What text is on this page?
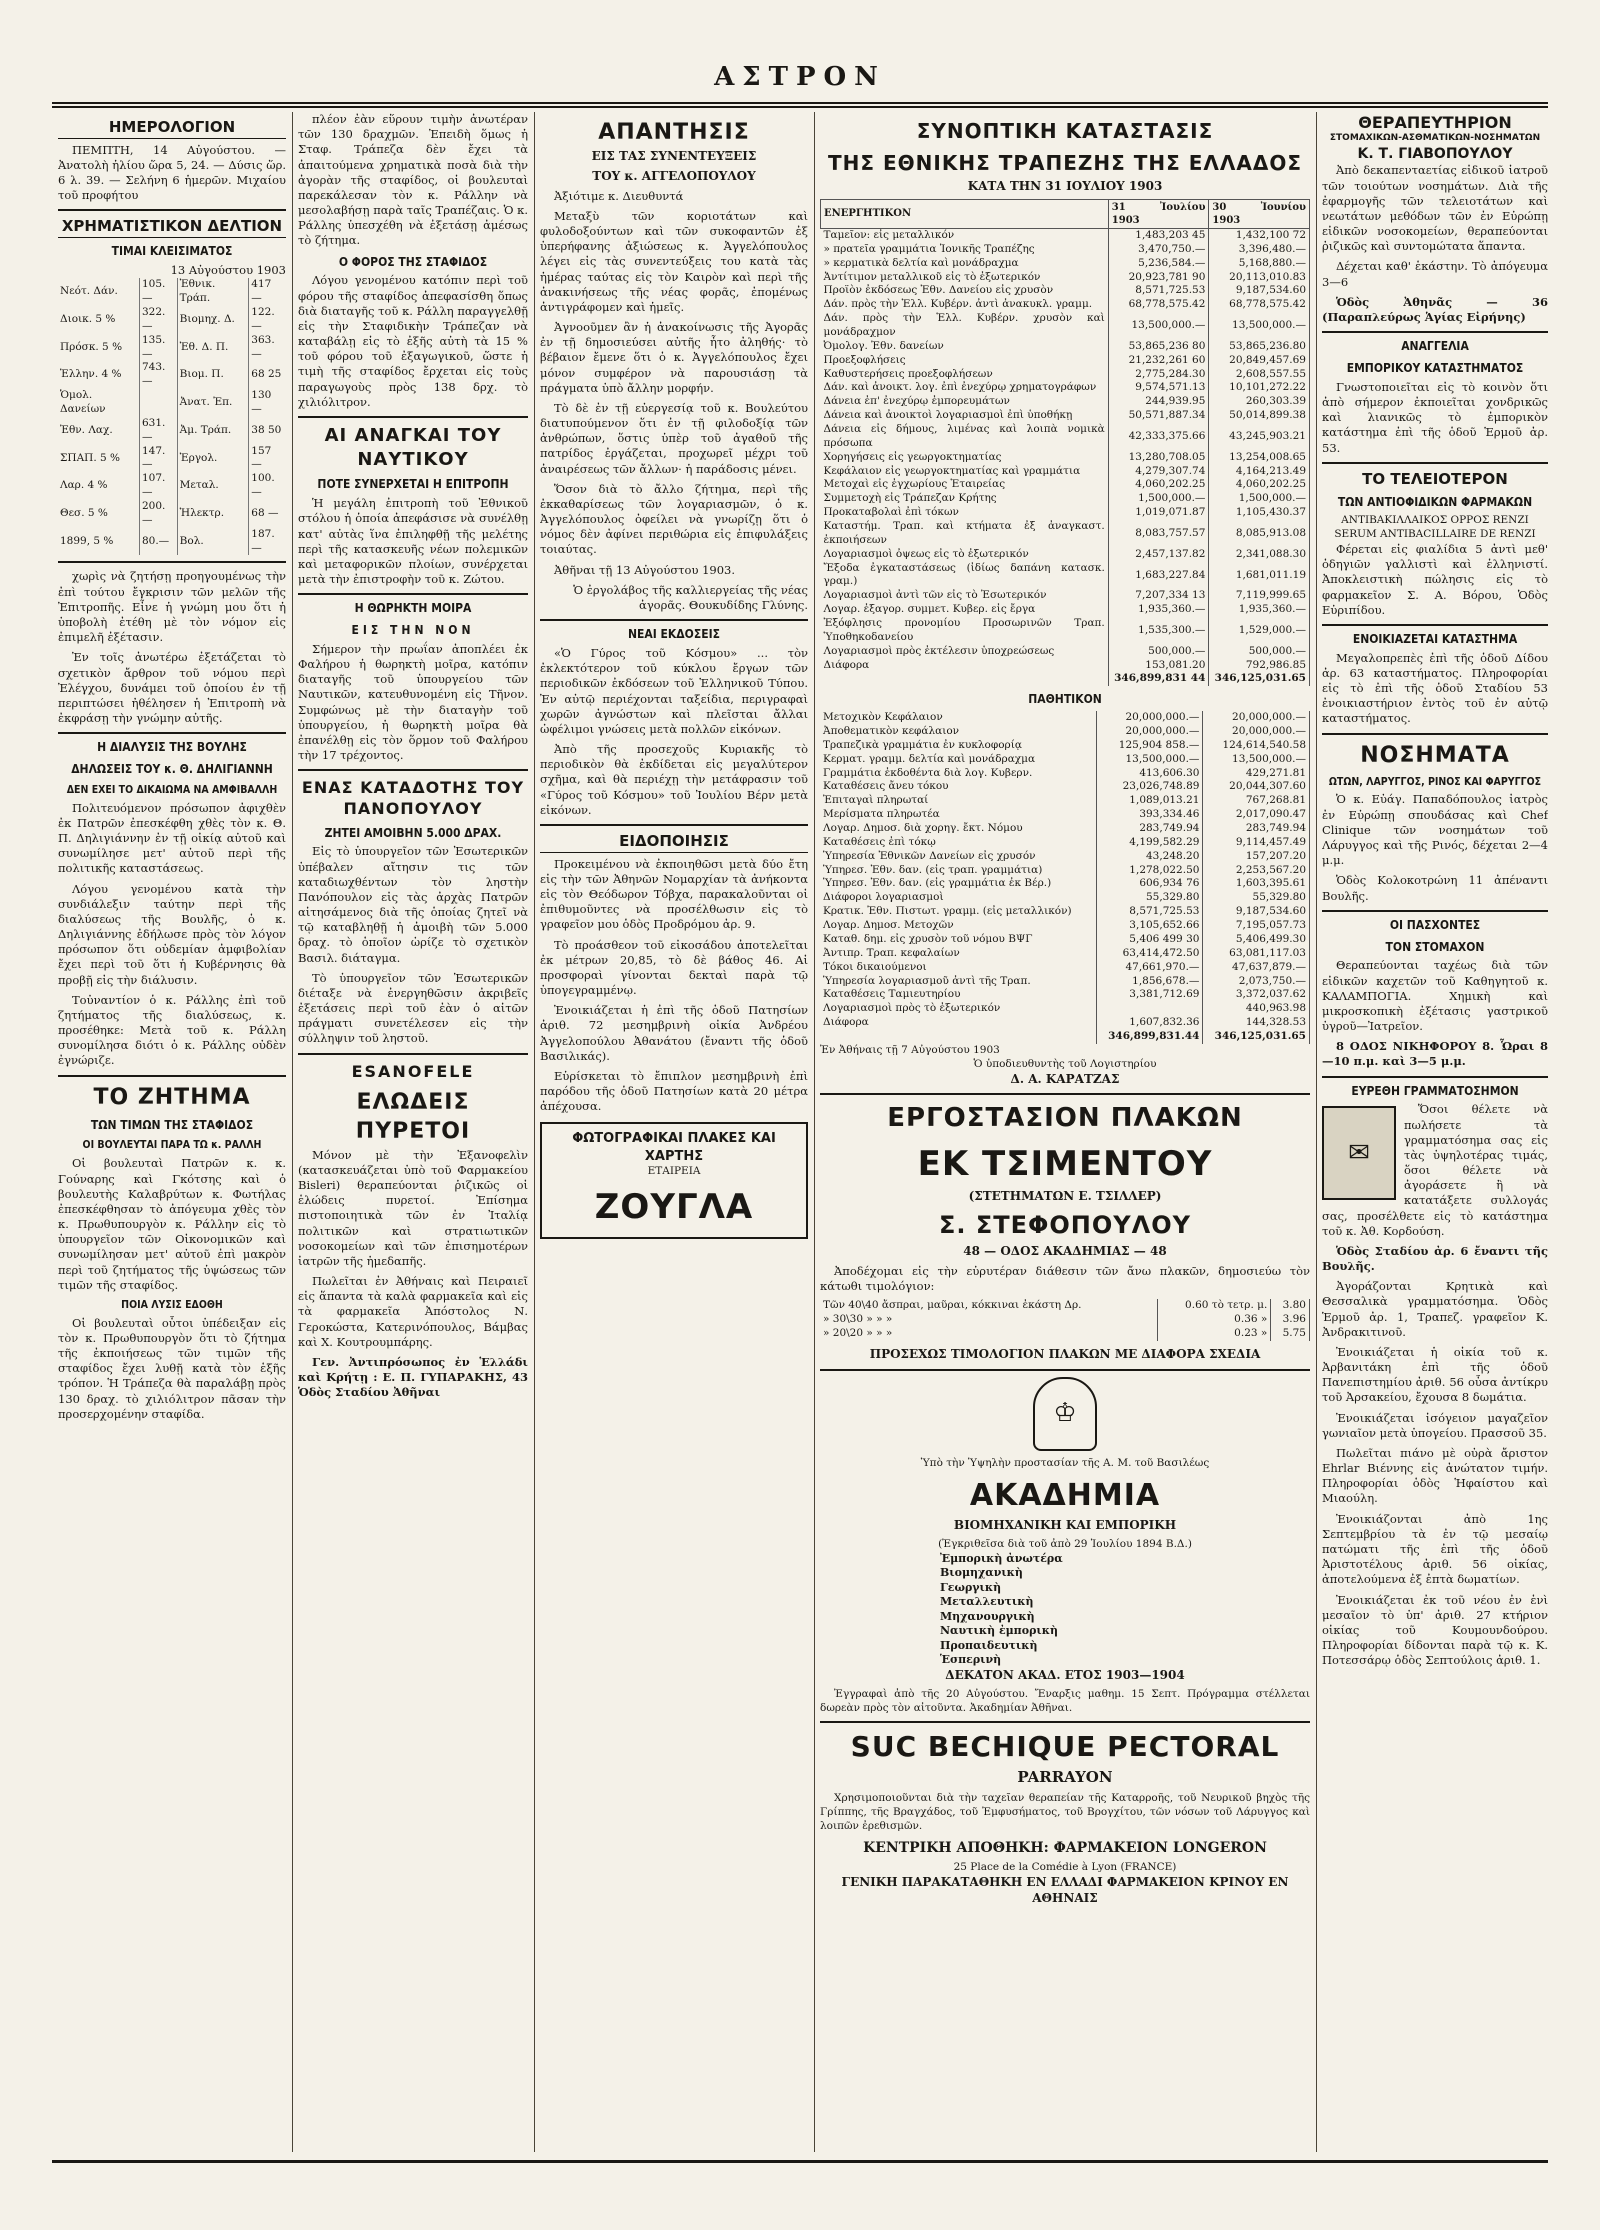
ΑΣΤΡΟΝ
ΗΜΕΡΟΛΟΓΙΟΝ

ΠΕΜΠΤΗ, 14 Αὐγούστου. — Ἀνατολὴ ἡλίου ὥρα 5, 24. — Δύσις ὥρ. 6 λ. 39. — Σελήνη 6 ἡμερῶν. Μιχαίου τοῦ προφήτου

ΧΡΗΜΑΤΙΣΤΙΚΟΝ ΔΕΛΤΙΟΝ
ΤΙΜΑΙ ΚΛΕΙΣΙΜΑΤΟΣ
13 Αὐγούστου 1903
Νεότ. Δάν.	105.—	Ἐθνικ. Τράπ.	417 —
Διοικ. 5 %	322.—	Βιομηχ. Δ.	122.—
Πρόσκ. 5 %	135.—	Ἐθ. Δ. Π.	363.—
Ἑλλην. 4 %	743.—	Βιομ. Π.	68 25
Ὁμολ. Δανείων		Ἀνατ. Ἐπ.	130 —
Ἐθν. Λαχ.	631.—	Ἀμ. Τράπ.	38 50
ΣΠΑΠ. 5 %	147.—	Ἐργολ.	157 —
Λαρ. 4 %	107.—	Μεταλ.	100.—
Θεσ. 5 %	200.—	Ἡλεκτρ.	68 —
1899, 5 %	80.—	Βολ.	187.—

χωρὶς νὰ ζητήσῃ προηγουμένως τὴν ἐπὶ τούτου ἔγκρισιν τῶν μελῶν τῆς Ἐπιτροπῆς. Εἶνε ἡ γνώμη μου ὅτι ἡ ὑποβολὴ ἐτέθη μὲ τὸν νόμον εἰς ἐπιμελῆ ἐξέτασιν.

Ἐν τοῖς ἀνωτέρω ἐξετάζεται τὸ σχετικὸν ἄρθρον τοῦ νόμου περὶ Ἐλέγχου, δυνάμει τοῦ ὁποίου ἐν τῇ περιπτώσει ἠθέλησεν ἡ Ἐπιτροπὴ νὰ ἐκφράσῃ τὴν γνώμην αὐτῆς.

Η ΔΙΑΛΥΣΙΣ ΤΗΣ ΒΟΥΛΗΣ
ΔΗΛΩΣΕΙΣ ΤΟΥ κ. Θ. ΔΗΛΙΓΙΑΝΝΗ
ΔΕΝ ΕΧΕΙ ΤΟ ΔΙΚΑΙΩΜΑ ΝΑ ΑΜΦΙΒΑΛΛΗ

Πολιτευόμενον πρόσωπον ἀφιχθὲν ἐκ Πατρῶν ἐπεσκέφθη χθὲς τὸν κ. Θ. Π. Δηλιγιάννην ἐν τῇ οἰκίᾳ αὐτοῦ καὶ συνωμίλησε μετ' αὐτοῦ περὶ τῆς πολιτικῆς καταστάσεως.

Λόγου γενομένου κατὰ τὴν συνδιάλεξιν ταύτην περὶ τῆς διαλύσεως τῆς Βουλῆς, ὁ κ. Δηλιγιάννης ἐδήλωσε πρὸς τὸν λόγον πρόσωπον ὅτι οὐδεμίαν ἀμφιβολίαν ἔχει περὶ τοῦ ὅτι ἡ Κυβέρνησις θὰ προβῇ εἰς τὴν διάλυσιν.

Τοὐναντίον ὁ κ. Ράλλης ἐπὶ τοῦ ζητήματος τῆς διαλύσεως, κ. προσέθηκε: Μετὰ τοῦ κ. Ράλλη συνομίλησα διότι ὁ κ. Ράλλης οὐδὲν ἐγνώριζε.

ΤΟ ΖΗΤΗΜΑ
ΤΩΝ ΤΙΜΩΝ ΤΗΣ ΣΤΑΦΙΔΟΣ
ΟΙ ΒΟΥΛΕΥΤΑΙ ΠΑΡΑ ΤΩ κ. ΡΑΛΛΗ

Οἱ βουλευταὶ Πατρῶν κ. κ. Γούναρης καὶ Γκότσης καὶ ὁ βουλευτὴς Καλαβρύτων κ. Φωτήλας ἐπεσκέφθησαν τὸ ἀπόγευμα χθὲς τὸν κ. Πρωθυπουργὸν κ. Ράλλην εἰς τὸ ὑπουργεῖον τῶν Οἰκονομικῶν καὶ συνωμίλησαν μετ' αὐτοῦ ἐπὶ μακρὸν περὶ τοῦ ζητήματος τῆς ὑψώσεως τῶν τιμῶν τῆς σταφίδος.

ΠΟΙΑ ΛΥΣΙΣ ΕΔΟΘΗ

Οἱ βουλευταὶ οὗτοι ὑπέδειξαν εἰς τὸν κ. Πρωθυπουργὸν ὅτι τὸ ζήτημα τῆς ἐκποιήσεως τῶν τιμῶν τῆς σταφίδος ἔχει λυθῇ κατὰ τὸν ἑξῆς τρόπον. Ἡ Τράπεζα θὰ παραλάβῃ πρὸς 130 δραχ. τὸ χιλιόλιτρον πᾶσαν τὴν προσερχομένην σταφίδα.

πλέον ἐὰν εὕρουν τιμὴν ἀνωτέραν τῶν 130 δραχμῶν. Ἐπειδὴ ὅμως ἡ Σταφ. Τράπεζα δὲν ἔχει τὰ ἀπαιτούμενα χρηματικὰ ποσὰ διὰ τὴν ἀγορὰν τῆς σταφίδος, οἱ βουλευταὶ παρεκάλεσαν τὸν κ. Ράλλην νὰ μεσολαβήσῃ παρὰ ταῖς Τραπέζαις. Ὁ κ. Ράλλης ὑπεσχέθη νὰ ἐξετάσῃ ἀμέσως τὸ ζήτημα.

Ο ΦΟΡΟΣ ΤΗΣ ΣΤΑΦΙΔΟΣ

Λόγου γενομένου κατόπιν περὶ τοῦ φόρου τῆς σταφίδος ἀπεφασίσθη ὅπως διὰ διαταγῆς τοῦ κ. Ράλλη παραγγελθῇ εἰς τὴν Σταφιδικὴν Τράπεζαν νὰ καταβάλῃ εἰς τὸ ἐξῆς αὐτὴ τὰ 15 % τοῦ φόρου τοῦ ἐξαγωγικοῦ, ὥστε ἡ τιμὴ τῆς σταφίδος ἔρχεται εἰς τοὺς παραγωγοὺς πρὸς 138 δρχ. τὸ χιλιόλιτρον.

ΑΙ ΑΝΑΓΚΑΙ ΤΟΥ ΝΑΥΤΙΚΟΥ
ΠΟΤΕ ΣΥΝΕΡΧΕΤΑΙ Η ΕΠΙΤΡΟΠΗ

Ἡ μεγάλη ἐπιτροπὴ τοῦ Ἐθνικοῦ στόλου ἡ ὁποία ἀπεφάσισε νὰ συνέλθῃ κατ' αὐτὰς ἵνα ἐπιληφθῇ τῆς μελέτης περὶ τῆς κατασκευῆς νέων πολεμικῶν καὶ μεταφορικῶν πλοίων, συνέρχεται μετὰ τὴν ἐπιστροφὴν τοῦ κ. Ζώτου.

Η ΘΩΡΗΚΤΗ ΜΟΙΡΑ
ΕΙΣ ΤΗΝ ΝΟΝ

Σήμερον τὴν πρωΐαν ἀποπλέει ἐκ Φαλήρου ἡ θωρηκτὴ μοῖρα, κατόπιν διαταγῆς τοῦ ὑπουργείου τῶν Ναυτικῶν, κατευθυνομένη εἰς Τῆνον. Συμφώνως μὲ τὴν διαταγὴν τοῦ ὑπουργείου, ἡ θωρηκτὴ μοῖρα θὰ ἐπανέλθῃ εἰς τὸν ὅρμον τοῦ Φαλήρου τὴν 17 τρέχοντος.

ΕΝΑΣ ΚΑΤΑΔΟΤΗΣ ΤΟΥ ΠΑΝΟΠΟΥΛΟΥ
ΖΗΤΕΙ ΑΜΟΙΒΗΝ 5.000 ΔΡΑΧ.

Εἰς τὸ ὑπουργεῖον τῶν Ἐσωτερικῶν ὑπέβαλεν αἴτησιν τις τῶν καταδιωχθέντων τὸν ληστὴν Πανόπουλον εἰς τὰς ἀρχὰς Πατρῶν αἰτησάμενος διὰ τῆς ὁποίας ζητεῖ νὰ τῷ καταβληθῇ ἡ ἀμοιβὴ τῶν 5.000 δραχ. τὸ ὁποῖον ὡρίζε τὸ σχετικὸν Βασιλ. διάταγμα.

Τὸ ὑπουργεῖον τῶν Ἐσωτερικῶν διέταξε νὰ ἐνεργηθῶσιν ἀκριβεῖς ἐξετάσεις περὶ τοῦ ἐὰν ὁ αἰτῶν πράγματι συνετέλεσεν εἰς τὴν σύλληψιν τοῦ ληστοῦ.

ESANOFELE
ΕΛΩΔΕΙΣ ΠΥΡΕΤΟΙ

Μόνον μὲ τὴν Ἐξανοφελὶν (κατασκευάζεται ὑπὸ τοῦ Φαρμακείου Bisleri) θεραπεύονται ῥιζικῶς οἱ ἑλώδεις πυρετοί. Ἐπίσημα πιστοποιητικὰ τῶν ἐν Ἰταλίᾳ πολιτικῶν καὶ στρατιωτικῶν νοσοκομείων καὶ τῶν ἐπισημοτέρων ἰατρῶν τῆς ἡμεδαπῆς.

Πωλεῖται ἐν Ἀθήναις καὶ Πειραιεῖ εἰς ἅπαντα τὰ καλὰ φαρμακεῖα καὶ εἰς τὰ φαρμακεῖα Ἀπόστολος Ν. Γεροκώστα, Κατερινόπουλος, Βάμβας καὶ Χ. Κουτρουμπάρης.

Γεν. Ἀντιπρόσωπος ἐν Ἑλλάδι καὶ Κρήτῃ : Ε. Π. ΓΥΠΑΡΑΚΗΣ, 43 Ὁδὸς Σταδίου Ἀθῆναι

ΑΠΑΝΤΗΣΙΣ
ΕΙΣ ΤΑΣ ΣΥΝΕΝΤΕΥΞΕΙΣ
ΤΟΥ κ. ΑΓΓΕΛΟΠΟΥΛΟΥ

Ἀξιότιμε κ. Διευθυντά

Μεταξὺ τῶν κοριοτάτων καὶ φυλοδοξούντων καὶ τῶν συκοφαντῶν ἐξ ὑπερήφανης ἀξιώσεως κ. Ἀγγελόπουλος λέγει εἰς τὰς συνεντεύξεις του κατὰ τὰς ἡμέρας ταύτας εἰς τὸν Καιρὸν καὶ περὶ τῆς ἀνακινήσεως τῆς νέας φορᾶς, ἐπομένως ἀντιγράφομεν καὶ ἡμεῖς.

Ἀγνοοῦμεν ἂν ἡ ἀνακοίνωσις τῆς Ἀγορᾶς ἐν τῇ δημοσιεύσει αὐτῆς ἦτο ἀληθής· τὸ βέβαιον ἔμενε ὅτι ὁ κ. Ἀγγελόπουλος ἔχει μόνον συμφέρον νὰ παρουσιάσῃ τὰ πράγματα ὑπὸ ἄλλην μορφήν.

Τὸ δὲ ἐν τῇ εὐεργεσίᾳ τοῦ κ. Βουλεύτου διατυπούμενον ὅτι ἐν τῇ φιλοδοξίᾳ τῶν ἀνθρώπων, ὅστις ὑπὲρ τοῦ ἀγαθοῦ τῆς πατρίδος ἐργάζεται, προχωρεῖ μέχρι τοῦ ἀναιρέσεως τῶν ἄλλων· ἡ παράδοσις μένει.

Ὅσον διὰ τὸ ἄλλο ζήτημα, περὶ τῆς ἐκκαθαρίσεως τῶν λογαριασμῶν, ὁ κ. Ἀγγελόπουλος ὀφείλει νὰ γνωρίζῃ ὅτι ὁ νόμος δὲν ἀφίνει περιθώρια εἰς ἐπιφυλάξεις τοιαύτας.

Ἀθῆναι τῇ 13 Αὐγούστου 1903.

Ὁ ἐργολάβος τῆς καλλιεργείας τῆς νέας ἀγορᾶς. Θουκυδίδης Γλύνης.

ΝΕΑΙ ΕΚΔΟΣΕΙΣ

«Ὁ Γύρος τοῦ Κόσμου» ... τὸν ἐκλεκτότερον τοῦ κύκλου ἔργων τῶν περιοδικῶν ἐκδόσεων τοῦ Ἑλληνικοῦ Τύπου. Ἐν αὐτῷ περιέχονται ταξείδια, περιγραφαὶ χωρῶν ἀγνώστων καὶ πλεῖσται ἄλλαι ὠφέλιμοι γνώσεις μετὰ πολλῶν εἰκόνων.

Ἀπὸ τῆς προσεχοῦς Κυριακῆς τὸ περιοδικὸν θὰ ἐκδίδεται εἰς μεγαλύτερον σχῆμα, καὶ θὰ περιέχῃ τὴν μετάφρασιν τοῦ «Γύρος τοῦ Κόσμου» τοῦ Ἰουλίου Βέρν μετὰ εἰκόνων.

ΕΙΔΟΠΟΙΗΣΙΣ

Προκειμένου νὰ ἐκποιηθῶσι μετὰ δύο ἔτη εἰς τὴν τῶν Ἀθηνῶν Νομαρχίαν τὰ ἀνήκοντα εἰς τὸν Θεόδωρον Τόβχα, παρακαλοῦνται οἱ ἐπιθυμοῦντες νὰ προσέλθωσιν εἰς τὸ γραφεῖον μου ὁδὸς Προδρόμου ἀρ. 9.

Τὸ προάσθεον τοῦ εἰκοσάδου ἀποτελεῖται ἐκ μέτρων 20,85, τὸ δὲ βάθος 46. Αἱ προσφοραὶ γίνονται δεκταὶ παρὰ τῷ ὑπογεγραμμένῳ.

Ἐνοικιάζεται ἡ ἐπὶ τῆς ὁδοῦ Πατησίων ἀριθ. 72 μεσημβρινὴ οἰκία Ἀνδρέου Ἀγγελοπούλου Ἀθανάτου (ἔναντι τῆς ὁδοῦ Βασιλικάς).

Εὑρίσκεται τὸ ἔπιπλον μεσημβρινὴ ἐπὶ παρόδου τῆς ὁδοῦ Πατησίων κατὰ 20 μέτρα ἀπέχουσα.

ΦΩΤΟΓΡΑΦΙΚΑΙ ΠΛΑΚΕΣ ΚΑΙ ΧΑΡΤΗΣ
ΕΤΑΙΡΕΙΑ
ΖΟΥΓΛΑ
ΣΥΝΟΠΤΙΚΗ ΚΑΤΑΣΤΑΣΙΣ
ΤΗΣ ΕΘΝΙΚΗΣ ΤΡΑΠΕΖΗΣ ΤΗΣ ΕΛΛΑΔΟΣ
ΚΑΤΑ ΤΗΝ 31 ΙΟΥΛΙΟΥ 1903
ΕΝΕΡΓΗΤΙΚΟΝ	31 Ἰουλίου 1903	30 Ἰουνίου 1903
Ταμεῖον: εἰς μεταλλικόν	1,483,203 45	1,432,100 72
» πρατεῖα γραμμάτια Ἰονικῆς Τραπέζης	3,470,750.—	3,396,480.—
» κερματικὰ δελτία καὶ μονάδραχμα	5,236,584.—	5,168,880.—
Ἀντίτιμον μεταλλικοῦ εἰς τὸ ἐξωτερικόν	20,923,781 90	20,113,010.83
Προϊὸν ἐκδόσεως Ἐθν. Δανείου εἰς χρυσὸν	8,571,725.53	9,187,534.60
Δάν. πρὸς τὴν Ἑλλ. Κυβέρν. ἀντὶ ἀνακυκλ. γραμμ.	68,778,575.42	68,778,575.42
Δάν. πρὸς τὴν Ἑλλ. Κυβέρν. χρυσὸν καὶ μονάδραχμον	13,500,000.—	13,500,000.—
Ὀμολογ. Ἐθν. δανείων	53,865,236 80	53,865,236.80
Προεξοφλήσεις	21,232,261 60	20,849,457.69
Καθυστερήσεις προεξοφλήσεων	2,775,284.30	2,608,557.55
Δάν. καὶ ἀνοικτ. λογ. ἐπὶ ἐνεχύρῳ χρηματογράφων	9,574,571.13	10,101,272.22
Δάνεια ἐπ' ἐνεχύρῳ ἐμπορευμάτων	244,939.95	260,303.39
Δάνεια καὶ ἀνοικτοὶ λογαριασμοὶ ἐπὶ ὑποθήκῃ	50,571,887.34	50,014,899.38
Δάνεια εἰς δήμους, λιμένας καὶ λοιπὰ νομικὰ πρόσωπα	42,333,375.66	43,245,903.21
Χορηγήσεις εἰς γεωργοκτηματίας	13,280,708.05	13,254,008.65
Κεφάλαιον εἰς γεωργοκτηματίας καὶ γραμμάτια	4,279,307.74	4,164,213.49
Μετοχαὶ εἰς ἐγχωρίους Ἑταιρείας	4,060,202.25	4,060,202.25
Συμμετοχὴ εἰς Τράπεζαν Κρήτης	1,500,000.—	1,500,000.—
Προκαταβολαὶ ἐπὶ τόκων	1,019,071.87	1,105,430.37
Καταστήμ. Τραπ. καὶ κτήματα ἐξ ἀναγκαστ. ἐκποιήσεων	8,083,757.57	8,085,913.08
Λογαριασμοὶ ὀψεως εἰς τὸ ἐξωτερικόν	2,457,137.82	2,341,088.30
Ἔξοδα ἐγκαταστάσεως (ἰδίως δαπάνη κατασκ. γραμ.)	1,683,227.84	1,681,011.19
Λογαριασμοὶ ἀντὶ τῶν εἰς τὸ Ἐσωτερικόν	7,207,334 13	7,119,999.65
Λογαρ. ἐξαγορ. συμμετ. Κυβερ. εἰς ἔργα	1,935,360.—	1,935,360.—
Ἐξόφλησις προνομίου Προσωρινῶν Τραπ. Ὑποθηκοδανείου	1,535,300.—	1,529,000.—
Λογαριασμοὶ πρὸς ἐκτέλεσιν ὑποχρεώσεως	500,000.—	500,000.—
Διάφορα	153,081.20	792,986.85
	346,899,831 44	346,125,031.65
ΠΑΘΗΤΙΚΟΝ
Μετοχικὸν Κεφάλαιον	20,000,000.—	20,000,000.—
Ἀποθεματικὸν κεφάλαιον	20,000,000.—	20,000,000.—
Τραπεζικὰ γραμμάτια ἐν κυκλοφορίᾳ	125,904 858.—	124,614,540.58
Κερματ. γραμμ. δελτία καὶ μονάδραχμα	13,500,000.—	13,500,000.—
Γραμμάτια ἐκδοθέντα διὰ λογ. Κυβερν.	413,606.30	429,271.81
Καταθέσεις ἄνευ τόκου	23,026,748.89	20,044,307.60
Ἐπιταγαὶ πληρωταί	1,089,013.21	767,268.81
Μερίσματα πληρωτέα	393,334.46	2,017,090.47
Λογαρ. Δημοσ. διὰ χορηγ. ἔκτ. Νόμου	283,749.94	283,749.94
Καταθέσεις ἐπὶ τόκῳ	4,199,582.29	9,114,457.49
Ὑπηρεσία Ἐθνικῶν Δανείων εἰς χρυσόν	43,248.20	157,207.20
Ὑπηρεσ. Ἐθν. δαν. (εἰς τραπ. γραμμάτια)	1,278,022.50	2,253,567.20
Ὑπηρεσ. Ἐθν. δαν. (εἰς γραμμάτια ἐκ Βέρ.)	606,934 76	1,603,395.61
Διάφοροι λογαριασμοὶ	55,329.80	55,329.80
Κρατικ. Ἐθν. Πιστωτ. γραμμ. (εἰς μεταλλικόν)	8,571,725.53	9,187,534.60
Λογαρ. Δημοσ. Μετοχῶν	3,105,652.66	7,195,057.73
Καταθ. δημ. εἰς χρυσὸν τοῦ νόμου ΒΨΓ	5,406 499 30	5,406,499.30
Ἀντιπρ. Τραπ. κεφαλαίων	63,414,472.50	63,081,117.03
Τόκοι δικαιούμενοι	47,661,970.—	47,637,879.—
Ὑπηρεσία λογαριασμοῦ ἀντὶ τῆς Τραπ.	1,856,678.—	2,073,750.—
Καταθέσεις Ταμιευτηρίου	3,381,712.69	3,372,037.62
Λογαριασμοὶ πρὸς τὸ ἐξωτερικόν		440,963.98
Διάφορα	1,607,832.36	144,328.53
	346,899,831.44	346,125,031.65
Ἐν Ἀθήναις τῇ 7 Αὐγούστου 1903
Ὁ ὑποδιευθυντὴς τοῦ Λογιστηρίου
Δ. Α. ΚΑΡΑΤΖΑΣ
ΕΡΓΟΣΤΑΣΙΟΝ ΠΛΑΚΩΝ
ΕΚ ΤΣΙΜΕΝΤΟΥ
(ΣΤΕΤΗΜΑΤΩΝ Ε. ΤΣΙΛΛΕΡ)
Σ. ΣΤΕΦΟΠΟΥΛΟΥ
48 — ΟΔΟΣ ΑΚΑΔΗΜΙΑΣ — 48

Ἀποδέχομαι εἰς τὴν εὐρυτέραν διάθεσιν τῶν ἄνω πλακῶν, δημοσιεύω τὸν κάτωθι τιμολόγιον:

Τῶν 40\40 ἄσπραι, μαῦραι, κόκκιναι ἐκάστη Δρ.	0.60 τὸ τετρ. μ.	3.80
» 30\30 » » »	0.36 »	3.96
» 20\20 » » »	0.23 »	5.75
ΠΡΟΣΕΧΩΣ ΤΙΜΟΛΟΓΙΟΝ ΠΛΑΚΩΝ ΜΕ ΔΙΑΦΟΡΑ ΣΧΕΔΙΑ
♔
Ὑπὸ τὴν Ὑψηλὴν προστασίαν τῆς Α. Μ. τοῦ Βασιλέως
ΑΚΑΔΗΜΙΑ
ΒΙΟΜΗΧΑΝΙΚΗ ΚΑΙ ΕΜΠΟΡΙΚΗ
(Ἐγκριθεῖσα διὰ τοῦ ἀπὸ 29 Ἰουλίου 1894 Β.Δ.)
Ἐμπορικὴ ἀνωτέρα
Βιομηχανικὴ
Γεωργικὴ
Μεταλλευτικὴ
Μηχανουργικὴ
Ναυτικὴ ἐμπορικὴ
Προπαιδευτικὴ
Ἑσπερινὴ
ΔΕΚΑΤΟΝ ΑΚΑΔ. ΕΤΟΣ 1903—1904

Ἐγγραφαὶ ἀπὸ τῆς 20 Αὐγούστου. Ἔναρξις μαθημ. 15 Σεπτ. Πρόγραμμα στέλλεται δωρεὰν πρὸς τὸν αἰτοῦντα. Ἀκαδημίαν Ἀθῆναι.

SUC BECHIQUE PECTORAL
PARRAYON

Χρησιμοποιοῦνται διὰ τὴν ταχεῖαν θεραπείαν τῆς Καταρροῆς, τοῦ Νευρικοῦ βηχὸς τῆς Γρίππης, τῆς Βραγχάδος, τοῦ Ἐμφυσήματος, τοῦ Βρογχίτου, τῶν νόσων τοῦ Λάρυγγος καὶ λοιπῶν ἐρεθισμῶν.

ΚΕΝΤΡΙΚΗ ΑΠΟΘΗΚΗ: ΦΑΡΜΑΚΕΙΟΝ LONGERON
25 Place de la Comédie à Lyon (FRANCE)
ΓΕΝΙΚΗ ΠΑΡΑΚΑΤΑΘΗΚΗ ΕΝ ΕΛΛΑΔΙ ΦΑΡΜΑΚΕΙΟΝ ΚΡΙΝΟΥ ΕΝ ΑΘΗΝΑΙΣ
ΘΕΡΑΠΕΥΤΗΡΙΟΝ
ΣΤΟΜΑΧΙΚΩΝ-ΑΣΘΜΑΤΙΚΩΝ-ΝΟΣΗΜΑΤΩΝ
Κ. Τ. ΓΙΑΒΟΠΟΥΛΟΥ

Ἀπὸ δεκαπενταετίας εἰδικοῦ ἰατροῦ τῶν τοιούτων νοσημάτων. Διὰ τῆς ἐφαρμογῆς τῶν τελειοτάτων καὶ νεωτάτων μεθόδων τῶν ἐν Εὐρώπῃ εἰδικῶν νοσοκομείων, θεραπεύονται ῥιζικῶς καὶ συντομώτατα ἅπαντα.

Δέχεται καθ' ἑκάστην. Τὸ ἀπόγευμα 3—6

Ὁδὸς Ἀθηνᾶς — 36 (Παραπλεύρως Ἁγίας Εἰρήνης)

ΑΝΑΓΓΕΛΙΑ
ΕΜΠΟΡΙΚΟΥ ΚΑΤΑΣΤΗΜΑΤΟΣ

Γνωστοποιεῖται εἰς τὸ κοινὸν ὅτι ἀπὸ σήμερον ἐκποιεῖται χονδρικῶς καὶ λιανικῶς τὸ ἐμπορικὸν κατάστημα ἐπὶ τῆς ὁδοῦ Ἑρμοῦ ἀρ. 53.

ΤΟ ΤΕΛΕΙΟΤΕΡΟΝ
ΤΩΝ ΑΝΤΙΟΦΙΔΙΚΩΝ ΦΑΡΜΑΚΩΝ
ΑΝΤΙΒΑΚΙΛΛΑΙΚΟΣ ΟΡΡΟΣ RENZI
SERUM ANTIBACILLAIRE DE RENZI

Φέρεται εἰς φιαλίδια 5 ἀντὶ μεθ' ὁδηγιῶν γαλλιστὶ καὶ ἑλληνιστί. Ἀποκλειστικὴ πώλησις εἰς τὸ φαρμακεῖον Σ. Α. Βόρου, Ὁδὸς Εὐριπίδου.

ΕΝΟΙΚΙΑΖΕΤΑΙ ΚΑΤΑΣΤΗΜΑ

Μεγαλοπρεπὲς ἐπὶ τῆς ὁδοῦ Δίδου ἀρ. 63 καταστήματος. Πληροφορίαι εἰς τὸ ἐπὶ τῆς ὁδοῦ Σταδίου 53 ἐνοικιαστήριον ἐντὸς τοῦ ἐν αὐτῷ καταστήματος.

ΝΟΣΗΜΑΤΑ
ΩΤΩΝ, ΛΑΡΥΓΓΟΣ, ΡΙΝΟΣ ΚΑΙ ΦΑΡΥΓΓΟΣ

Ὁ κ. Εὐάγ. Παπαδόπουλος ἰατρὸς ἐν Εὐρώπῃ σπουδάσας καὶ Chef Clinique τῶν νοσημάτων τοῦ Λάρυγγος καὶ τῆς Ρινός, δέχεται 2—4 μ.μ.

Ὁδὸς Κολοκοτρώνη 11 ἀπέναντι Βουλῆς.

ΟΙ ΠΑΣΧΟΝΤΕΣ
ΤΟΝ ΣΤΟΜΑΧΟΝ

Θεραπεύονται ταχέως διὰ τῶν εἰδικῶν καχετῶν τοῦ Καθηγητοῦ κ. ΚΑΛΑΜΠΟΓΙΑ. Χημικὴ καὶ μικροσκοπικὴ ἐξέτασις γαστρικοῦ ὑγροῦ—Ἰατρεῖον.

8 ΟΔΟΣ ΝΙΚΗΦΟΡΟΥ 8. Ὧραι 8—10 π.μ. καὶ 3—5 μ.μ.

ΕΥΡΕΘΗ ΓΡΑΜΜΑΤΟΣΗΜΟΝ
✉

Ὅσοι θέλετε νὰ πωλήσετε τὰ γραμματόσημα σας εἰς τὰς ὑψηλοτέρας τιμάς, ὅσοι θέλετε νὰ ἀγοράσετε ἢ νὰ κατατάξετε συλλογάς σας, προσέλθετε εἰς τὸ κατάστημα τοῦ κ. Ἀθ. Κορδούση.

Ὁδὸς Σταδίου ἀρ. 6 ἔναντι τῆς Βουλῆς.

Ἀγοράζονται Κρητικὰ καὶ Θεσσαλικὰ γραμματόσημα. Ὁδὸς Ἑρμοῦ ἀρ. 1, Τραπεζ. γραφεῖον Κ. Ἀνδρακιτινοῦ.

Ἐνοικιάζεται ἡ οἰκία τοῦ κ. Ἀρβανιτάκη ἐπὶ τῆς ὁδοῦ Πανεπιστημίου ἀριθ. 56 οὖσα ἀντίκρυ τοῦ Ἀρσακείου, ἔχουσα 8 δωμάτια.

Ἐνοικιάζεται ἰσόγειον μαγαζεῖον γωνιαῖον μετὰ ὑπογείου. Πρασσοῦ 35.

Πωλεῖται πιάνο μὲ οὐρὰ ἄριστον Ehrlar Βιέννης εἰς ἀνώτατον τιμήν. Πληροφορίαι ὁδὸς Ἡφαίστου καὶ Μιαούλη.

Ἐνοικιάζονται ἀπὸ 1ης Σεπτεμβρίου τὰ ἐν τῷ μεσαίῳ πατώματι τῆς ἐπὶ τῆς ὁδοῦ Ἀριστοτέλους ἀριθ. 56 οἰκίας, ἀποτελούμενα ἐξ ἐπτὰ δωματίων.

Ἐνοικιάζεται ἐκ τοῦ νέου ἐν ἑνὶ μεσαῖον τὸ ὑπ' ἀριθ. 27 κτήριον οἰκίας τοῦ Κουμουνδούρου. Πληροφορίαι δίδονται παρὰ τῷ κ. Κ. Ποτεσσάρῳ ὁδὸς Σεπτούλοις ἀριθ. 1.
